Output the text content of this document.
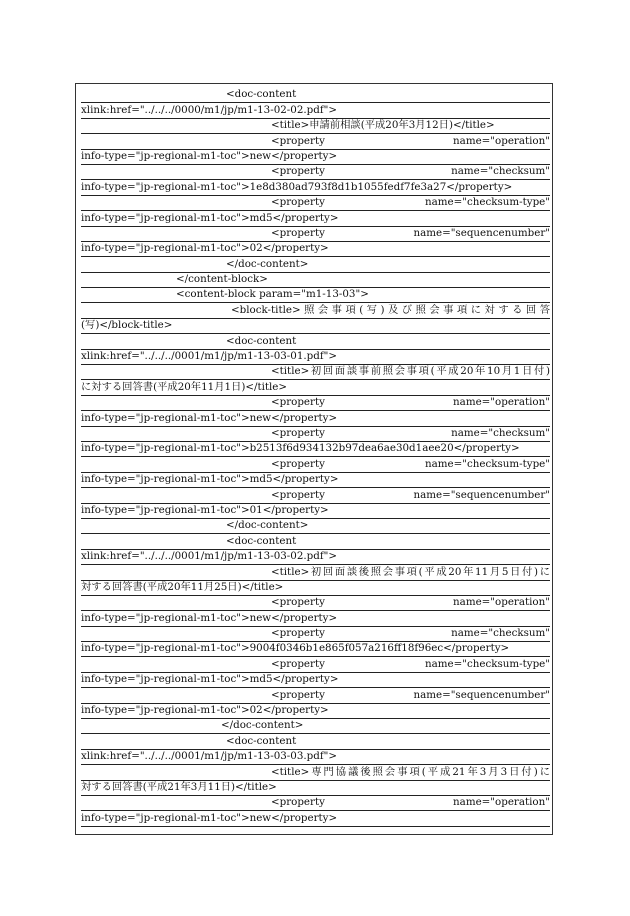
<doc-content
xlink:href="../../../0000/m1/jp/m1-13-02-02.pdf">
<title>申請前相談(平成20年3月12日)</title>
<property                    name="operation"
info-type="jp-regional-m1-toc">new</property>
<property                    name="checksum"
info-type="jp-regional-m1-toc">1e8d380ad793f8d1b1055fedf7fe3a27</property>
<property               name="checksum-type"
info-type="jp-regional-m1-toc">md5</property>
<property              name="sequencenumber"
info-type="jp-regional-m1-toc">02</property>
</doc-content>
</content-block>
<content-block param="m1-13-03">
<block-title>照会事項(写)及び照会事項に対する回答
(写)</block-title>
<doc-content
xlink:href="../../../0001/m1/jp/m1-13-03-01.pdf">
<title>初回面談事前照会事項(平成20年10月1日付)
に対する回答書(平成20年11月1日)</title>
<property                    name="operation"
info-type="jp-regional-m1-toc">new</property>
<property                    name="checksum"
info-type="jp-regional-m1-toc">b2513f6d934132b97dea6ae30d1aee20</property>
<property               name="checksum-type"
info-type="jp-regional-m1-toc">md5</property>
<property              name="sequencenumber"
info-type="jp-regional-m1-toc">01</property>
</doc-content>
<doc-content
xlink:href="../../../0001/m1/jp/m1-13-03-02.pdf">
<title>初回面談後照会事項(平成20年11月5日付)に
対する回答書(平成20年11月25日)</title>
<property                    name="operation"
info-type="jp-regional-m1-toc">new</property>
<property                    name="checksum"
info-type="jp-regional-m1-toc">9004f0346b1e865f057a216ff18f96ec</property>
<property               name="checksum-type"
info-type="jp-regional-m1-toc">md5</property>
<property              name="sequencenumber"
info-type="jp-regional-m1-toc">02</property>
</doc-content>
<doc-content
xlink:href="../../../0001/m1/jp/m1-13-03-03.pdf">
<title>専門協議後照会事項(平成21年3月3日付)に
対する回答書(平成21年3月11日)</title>
<property                    name="operation"
info-type="jp-regional-m1-toc">new</property>
